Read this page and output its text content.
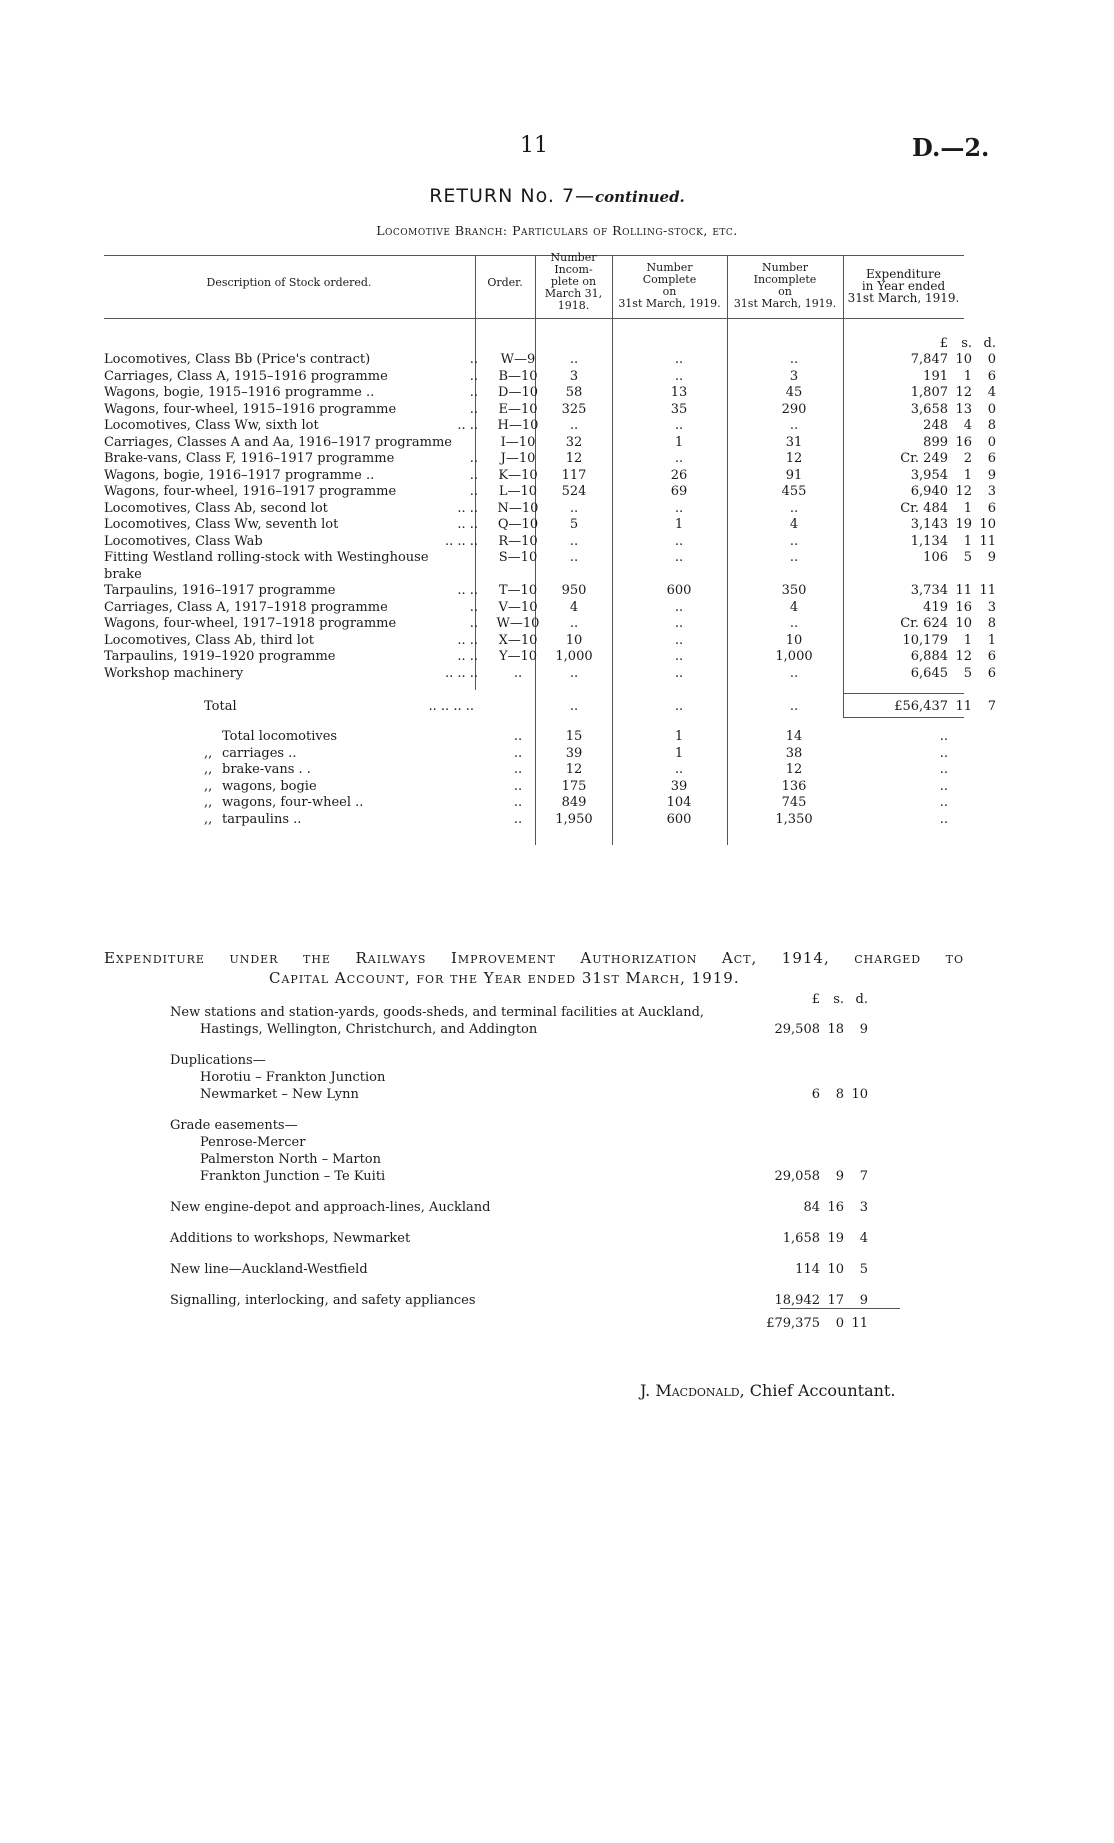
11	D.—2.
RETURN No. 7—continued.
Locomotive Branch: Particulars of Rolling-stock, etc.
Description of Stock ordered.	Order.
Number
Incom-
plete on
March 31,
1918.
Number
Complete
on
31st March, 1919.
Number
Incomplete
on
31st March, 1919.
Expenditure
in Year ended
31st March, 1919.
£	s. d.
Locomotives, Class Bb (Price's contract)	..	W—9	..	..	..	7,847 10	0
Carriages, Class A, 1915–1916 programme	..	B—10	3	..	3	191	1	6
Wagons, bogie, 1915–1916 programme ..	..	D—10	58	13	45	1,807 12	4
Wagons, four-wheel, 1915–1916 programme	..	E—10	325	35	290	3,658 13	0
Locomotives, Class Ww, sixth lot	.. ..	H—10	..	..	..	248	4	8
Carriages, Classes A and Aa, 1916–1917 programme	I—10	32	1	31	899 16	0
Brake-vans, Class F, 1916–1917 programme	..	J—10	12	..	12	Cr. 249	2	6
Wagons, bogie, 1916–1917 programme ..	..	K—10	117	26	91	3,954	1	9
Wagons, four-wheel, 1916–1917 programme	..	L—10	524	69	455	6,940 12	3
Locomotives, Class Ab, second lot	.. ..	N—10	..	..	..	Cr. 484	1	6
Locomotives, Class Ww, seventh lot	.. ..	Q—10	5	1	4	3,143 19 10
Locomotives, Class Wab	.. .. ..	R—10	..	..	..	1,134	1 11
Fitting Westland rolling-stock with Westinghouse	S—10	..	..	..	106	5	9
brake
Tarpaulins, 1916–1917 programme	.. ..	T—10	950	600	350	3,734 11 11
Carriages, Class A, 1917–1918 programme	..	V—10	4	..	4	419 16	3
Wagons, four-wheel, 1917–1918 programme	..	W—10	..	..	..	Cr. 624 10	8
Locomotives, Class Ab, third lot	.. ..	X—10	10	..	10	10,179	1	1
Tarpaulins, 1919–1920 programme	.. ..	Y—10	1,000	..	1,000	6,884 12	6
Workshop machinery	.. .. ..	..	..	..	..	6,645	5	6
Total	.. .. .. ..	..	..	..	£56,437 11	7
Total locomotives	..	15	1	14	..
,, carriages ..	..	39	1	38	..
,, brake-vans . .	..	12	..	12	..
,, wagons, bogie	..	175	39	136	..
,, wagons, four-wheel ..	..	849	104	745	..
,, tarpaulins ..	..	1,950	600	1,350	..
Expenditure under the Railways Improvement Authorization Act, 1914, charged to
Capital Account, for the Year ended 31st March, 1919.
£	s. d.
New stations and station-yards, goods-sheds, and terminal facilities at Auckland,
Hastings, Wellington, Christchurch, and Addington	29,508 18	9
Duplications—
Horotiu – Frankton Junction
Newmarket – New Lynn	6	8 10
Grade easements—
Penrose-Mercer
Palmerston North – Marton
Frankton Junction – Te Kuiti	29,058	9	7
New engine-depot and approach-lines, Auckland	84 16	3
Additions to workshops, Newmarket	1,658 19	4
New line—Auckland-Westfield	114 10	5
Signalling, interlocking, and safety appliances	18,942 17	9
£79,375	0 11
J. Macdonald, Chief Accountant.
